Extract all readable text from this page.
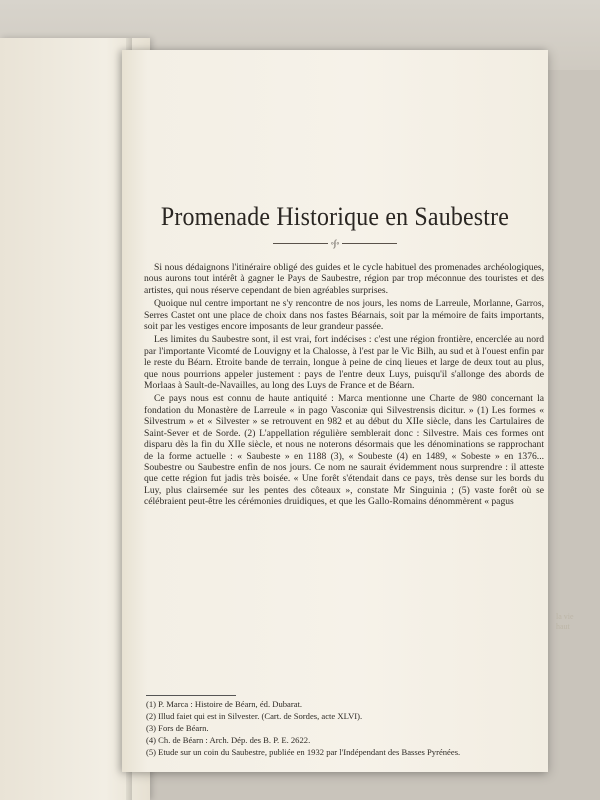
la vie
haut
Promenade Historique en Saubestre
◦∫◦

Si nous dédaignons l'itinéraire obligé des guides et le cycle habituel des promenades archéologiques, nous aurons tout intérêt à gagner le Pays de Saubestre, région par trop méconnue des touristes et des artistes, qui nous réserve cependant de bien agréables surprises.

Quoique nul centre important ne s'y rencontre de nos jours, les noms de Larreule, Morlanne, Garros, Serres Castet ont une place de choix dans nos fastes Béarnais, soit par la mémoire de faits importants, soit par les vestiges encore imposants de leur grandeur passée.

Les limites du Saubestre sont, il est vrai, fort indécises : c'est une région frontière, encerclée au nord par l'importante Vicomté de Louvigny et la Chalosse, à l'est par le Vic Bilh, au sud et à l'ouest enfin par le reste du Béarn. Etroite bande de terrain, longue à peine de cinq lieues et large de deux tout au plus, que nous pourrions appeler justement : pays de l'entre deux Luys, puisqu'il s'allonge des abords de Morlaas à Sault-de-Navailles, au long des Luys de France et de Béarn.

Ce pays nous est connu de haute antiquité : Marca mentionne une Charte de 980 concernant la fondation du Monastère de Larreule « in pago Vasconiæ qui Silvestrensis dicitur. » (1) Les formes « Silvestrum » et « Silvester » se retrouvent en 982 et au début du XIIe siècle, dans les Cartulaires de Saint-Sever et de Sorde. (2) L'appellation régulière semblerait donc : Silvestre. Mais ces formes ont disparu dès la fin du XIIe siècle, et nous ne noterons désormais que les dénominations se rapprochant de la forme actuelle : « Saubeste » en 1188 (3), « Soubeste (4) en 1489, « Sobeste » en 1376... Soubestre ou Saubestre enfin de nos jours. Ce nom ne saurait évidemment nous surprendre : il atteste que cette région fut jadis très boisée. « Une forêt s'étendait dans ce pays, très dense sur les bords du Luy, plus clairsemée sur les pentes des côteaux », constate Mr Singuinia ; (5) vaste forêt où se célébraient peut-être les cérémonies druidiques, et que les Gallo-Romains dénommèrent « pagus

(1) P. Marca : Histoire de Béarn, éd. Dubarat.
(2) Illud faiet qui est in Silvester. (Cart. de Sordes, acte XLVI).
(3) Fors de Béarn.
(4) Ch. de Béarn : Arch. Dép. des B. P. E. 2622.
(5) Etude sur un coin du Saubestre, publiée en 1932 par l'Indépendant des Basses Pyrénées.
